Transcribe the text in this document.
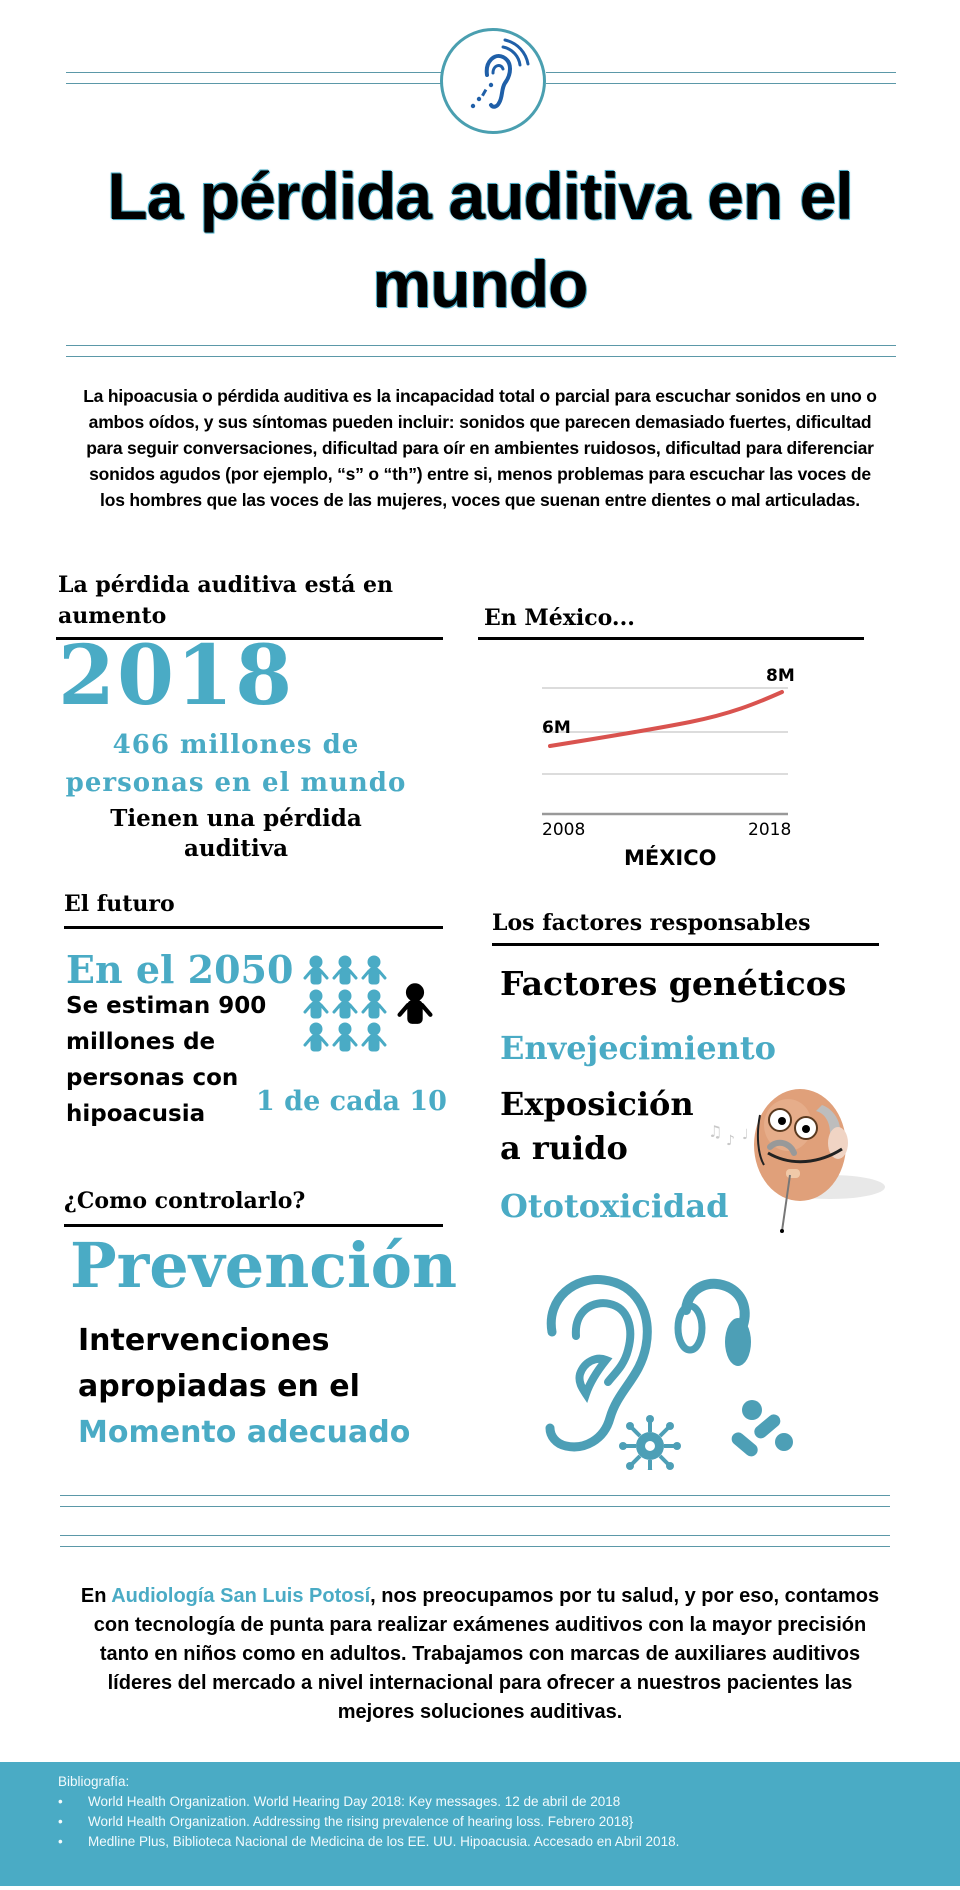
La pérdida auditiva en el mundo
La hipoacusia o pérdida auditiva es la incapacidad total o parcial para escuchar sonidos en uno o ambos oídos, y sus síntomas pueden incluir: sonidos que parecen demasiado fuertes, dificultad para seguir conversaciones, dificultad para oír en ambientes ruidosos, dificultad para diferenciar sonidos agudos (por ejemplo, “s” o “th”) entre si, menos problemas para escuchar las voces de los hombres que las voces de las mujeres, voces que suenan entre dientes o mal articuladas.
La pérdida auditiva está en
aumento
2018
466 millones de
personas en el mundo
Tienen una pérdida auditiva
En México...
6M
8M
2008	2018
MÉXICO
El futuro
En el 2050
Se estiman 900 millones de personas con hipoacusia	1 de cada 10
Los factores responsables
Factores genéticos
Envejecimiento
Exposición a ruido
Ototoxicidad
♫ ♪ ♩
¿Como controlarlo?
Prevención
Intervenciones
apropiadas en el
Momento adecuado
En Audiología San Luis Potosí, nos preocupamos por tu salud, y por eso, contamos con tecnología de punta para realizar exámenes auditivos con la mayor precisión tanto en niños como en adultos. Trabajamos con marcas de auxiliares auditivos líderes del mercado a nivel internacional para ofrecer a nuestros pacientes las mejores soluciones auditivas.
Bibliografía:
• World Health Organization. World Hearing Day 2018: Key messages. 12 de abril de 2018
• World Health Organization. Addressing the rising prevalence of hearing loss. Febrero 2018}
• Medline Plus, Biblioteca Nacional de Medicina de los EE. UU. Hipoacusia. Accesado en Abril 2018.
